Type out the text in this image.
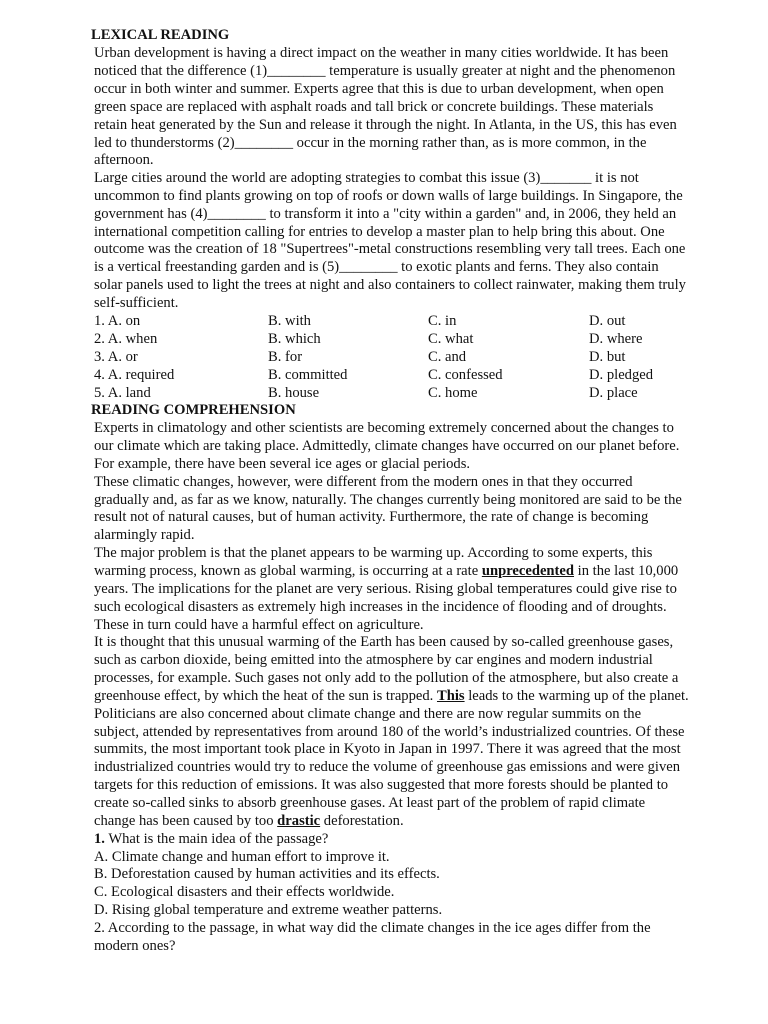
LEXICAL READING
Urban development is having a direct impact on the weather in many cities worldwide. It has been
noticed that the difference (1)________ temperature is usually greater at night and the phenomenon
occur in both winter and summer. Experts agree that this is due to urban development, when open
green space are replaced with asphalt roads and tall brick or concrete buildings. These materials
retain heat generated by the Sun and release it through the night. In Atlanta, in the US, this has even
led to thunderstorms (2)________ occur in the morning rather than, as is more common, in the
afternoon.
Large cities around the world are adopting strategies to combat this issue (3)_______ it is not
uncommon to find plants growing on top of roofs or down walls of large buildings. In Singapore, the
government has (4)________ to transform it into a "city within a garden" and, in 2006, they held an
international competition calling for entries to develop a master plan to help bring this about. One
outcome was the creation of 18 "Supertrees"-metal constructions resembling very tall trees. Each one
is a vertical freestanding garden and is (5)________ to exotic plants and ferns. They also contain
solar panels used to light the trees at night and also containers to collect rainwater, making them truly
self-sufficient.
1. A. on	B. with	C. in	D. out
2. A. when	B. which	C. what	D. where
3. A. or	B. for	C. and	D. but
4. A. required	B. committed	C. confessed	D. pledged
5. A. land	B. house	C. home	D. place
READING COMPREHENSION
Experts in climatology and other scientists are becoming extremely concerned about the changes to
our climate which are taking place. Admittedly, climate changes have occurred on our planet before.
For example, there have been several ice ages or glacial periods.
These climatic changes, however, were different from the modern ones in that they occurred
gradually and, as far as we know, naturally. The changes currently being monitored are said to be the
result not of natural causes, but of human activity. Furthermore, the rate of change is becoming
alarmingly rapid.
The major problem is that the planet appears to be warming up. According to some experts, this
warming process, known as global warming, is occurring at a rate unprecedented in the last 10,000
years. The implications for the planet are very serious. Rising global temperatures could give rise to
such ecological disasters as extremely high increases in the incidence of flooding and of droughts.
These in turn could have a harmful effect on agriculture.
It is thought that this unusual warming of the Earth has been caused by so-called greenhouse gases,
such as carbon dioxide, being emitted into the atmosphere by car engines and modern industrial
processes, for example. Such gases not only add to the pollution of the atmosphere, but also create a
greenhouse effect, by which the heat of the sun is trapped. This leads to the warming up of the planet.
Politicians are also concerned about climate change and there are now regular summits on the
subject, attended by representatives from around 180 of the world’s industrialized countries. Of these
summits, the most important took place in Kyoto in Japan in 1997. There it was agreed that the most
industrialized countries would try to reduce the volume of greenhouse gas emissions and were given
targets for this reduction of emissions. It was also suggested that more forests should be planted to
create so-called sinks to absorb greenhouse gases. At least part of the problem of rapid climate
change has been caused by too drastic deforestation.
1. What is the main idea of the passage?
A. Climate change and human effort to improve it.
B. Deforestation caused by human activities and its effects.
C. Ecological disasters and their effects worldwide.
D. Rising global temperature and extreme weather patterns.
2. According to the passage, in what way did the climate changes in the ice ages differ from the
modern ones?
